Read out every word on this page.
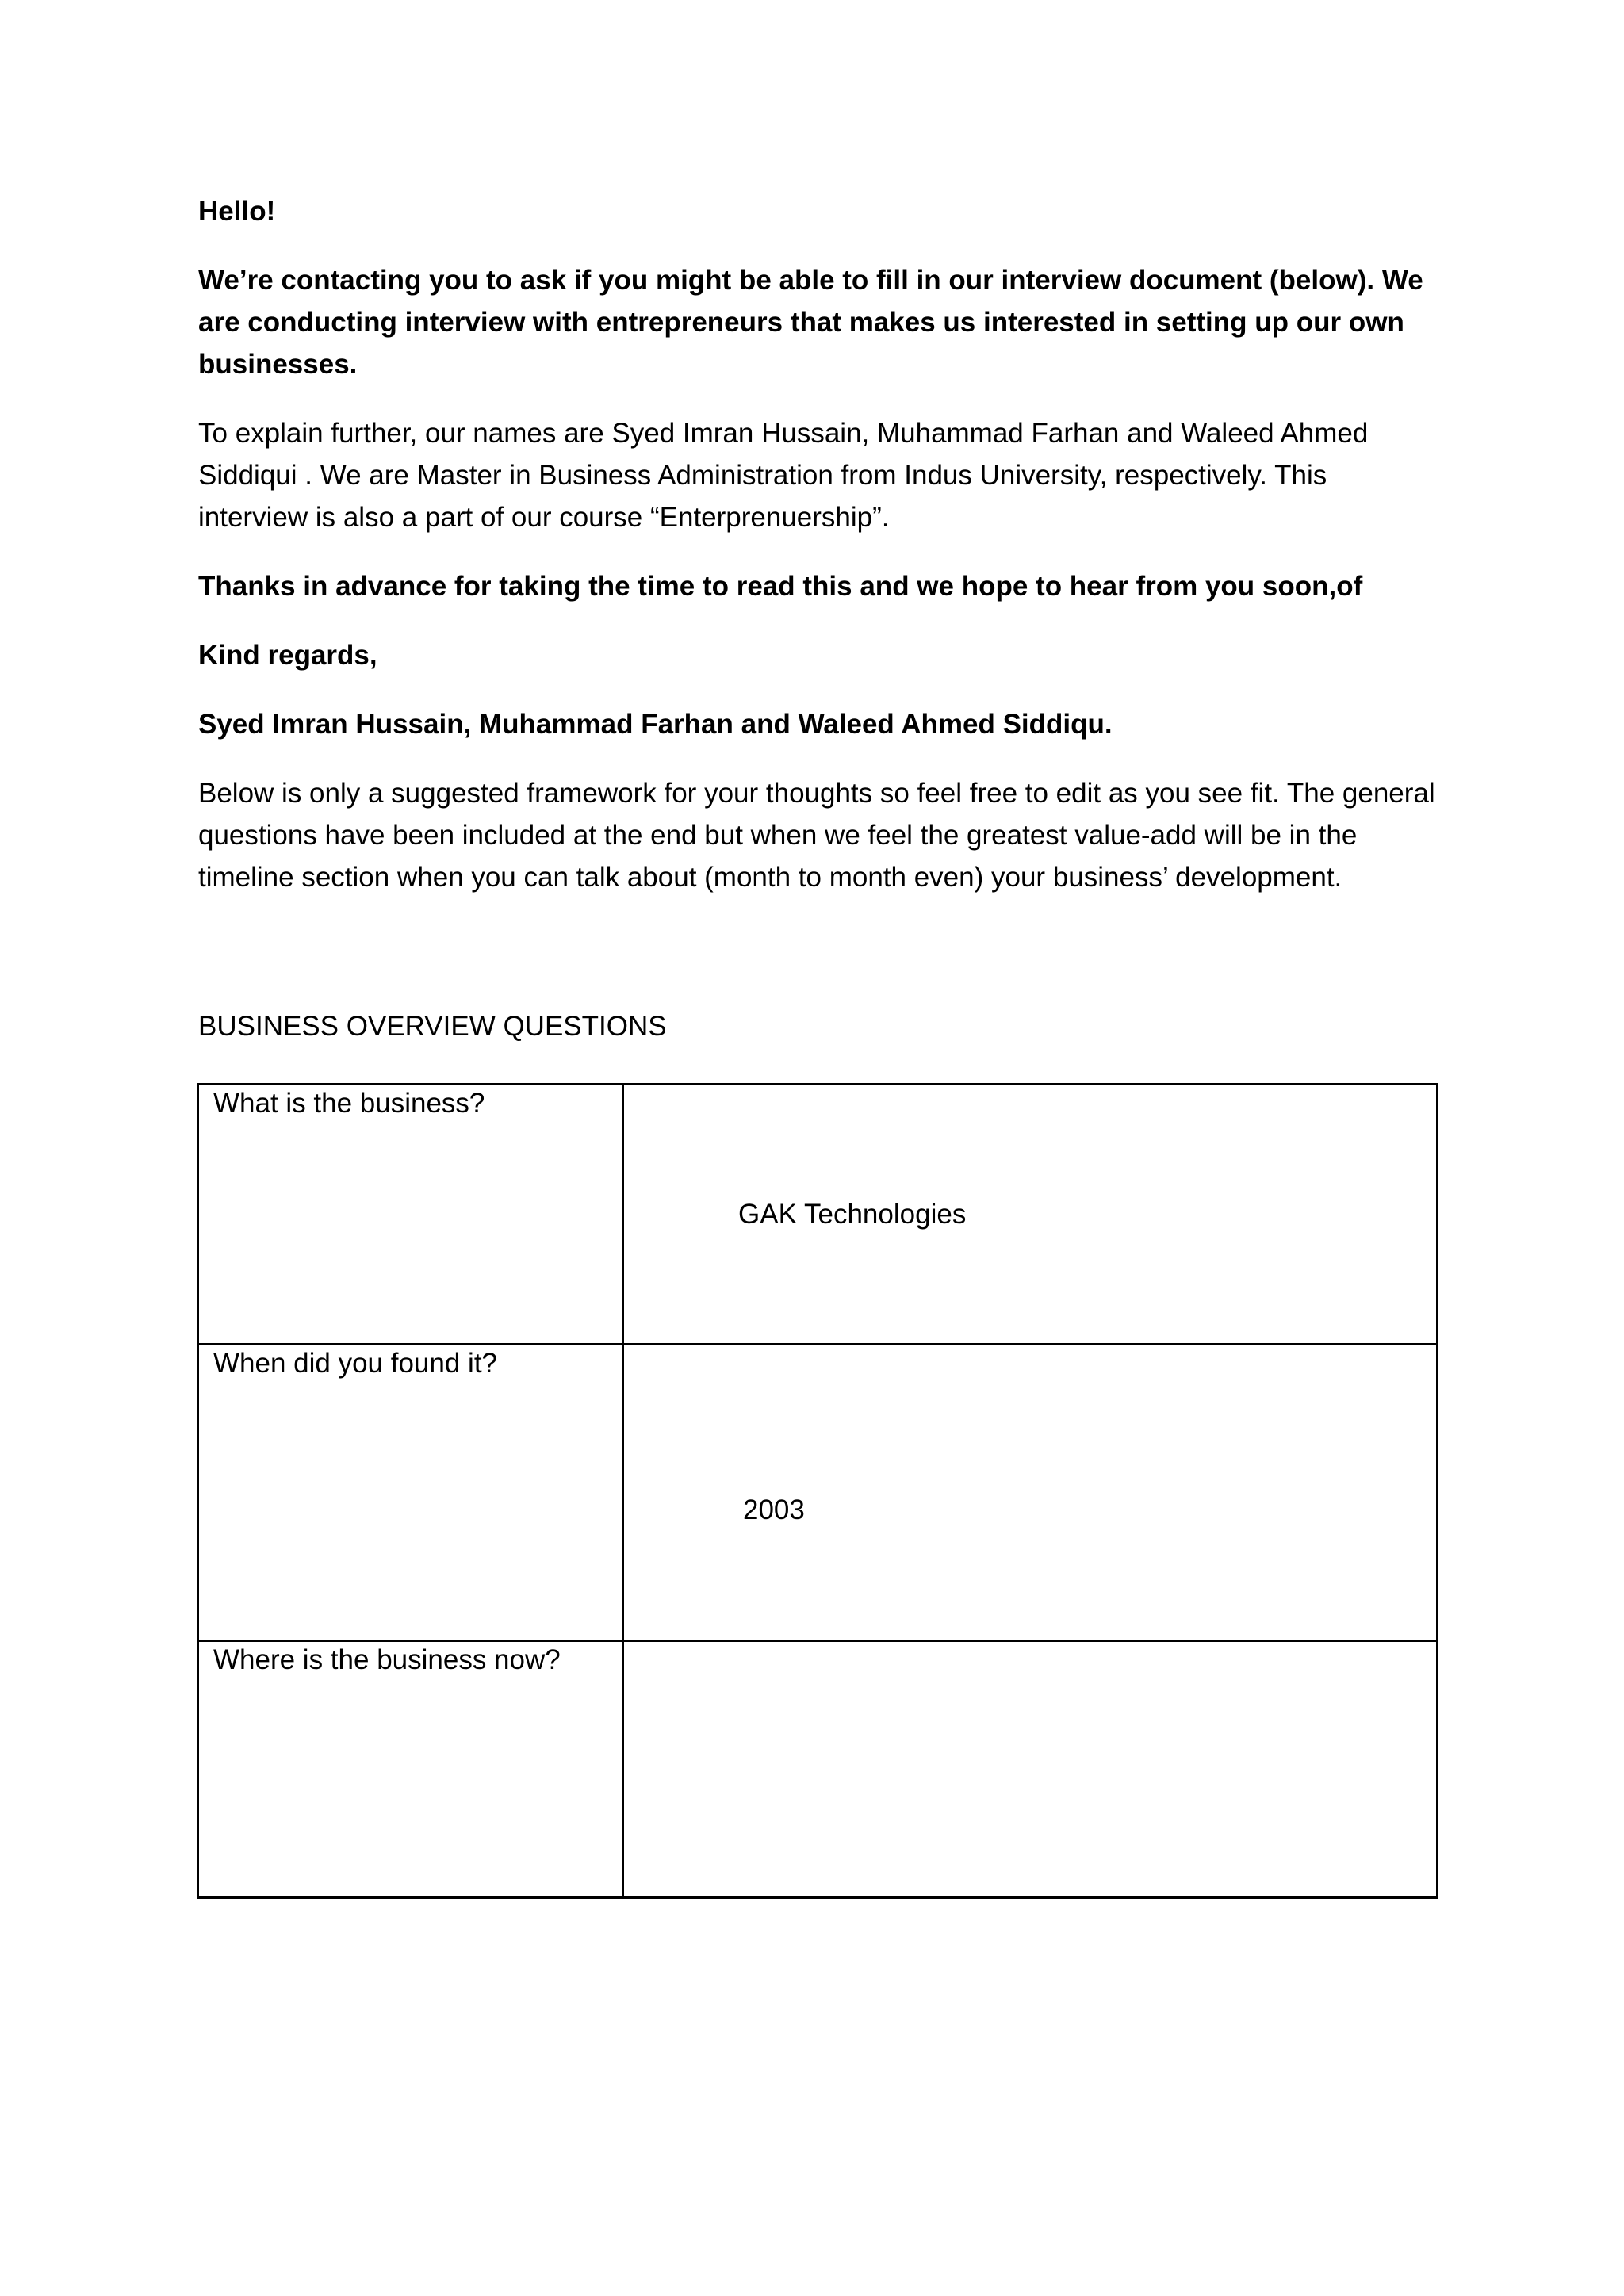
Hello!

We’re contacting you to ask if you might be able to fill in our interview document (below). We are conducting interview with entrepreneurs that makes us interested in setting up our own businesses.

To explain further, our names are Syed Imran Hussain, Muhammad Farhan and Waleed Ahmed Siddiqui . We are Master in Business Administration from Indus University, respectively. This interview is also a part of our course “Enterprenuership”.

Thanks in advance for taking the time to read this and we hope to hear from you soon,of

Kind regards,

Syed Imran Hussain, Muhammad Farhan and Waleed Ahmed Siddiqu.

Below is only a suggested framework for your thoughts so feel free to edit as you see fit. The general questions have been included at the end but when we feel the greatest value-add will be in the timeline section when you can talk about (month to month even) your business’ development.

BUSINESS OVERVIEW QUESTIONS

What is the business?	GAK Technologies

When did you found it?	2003

Where is the business now?	
